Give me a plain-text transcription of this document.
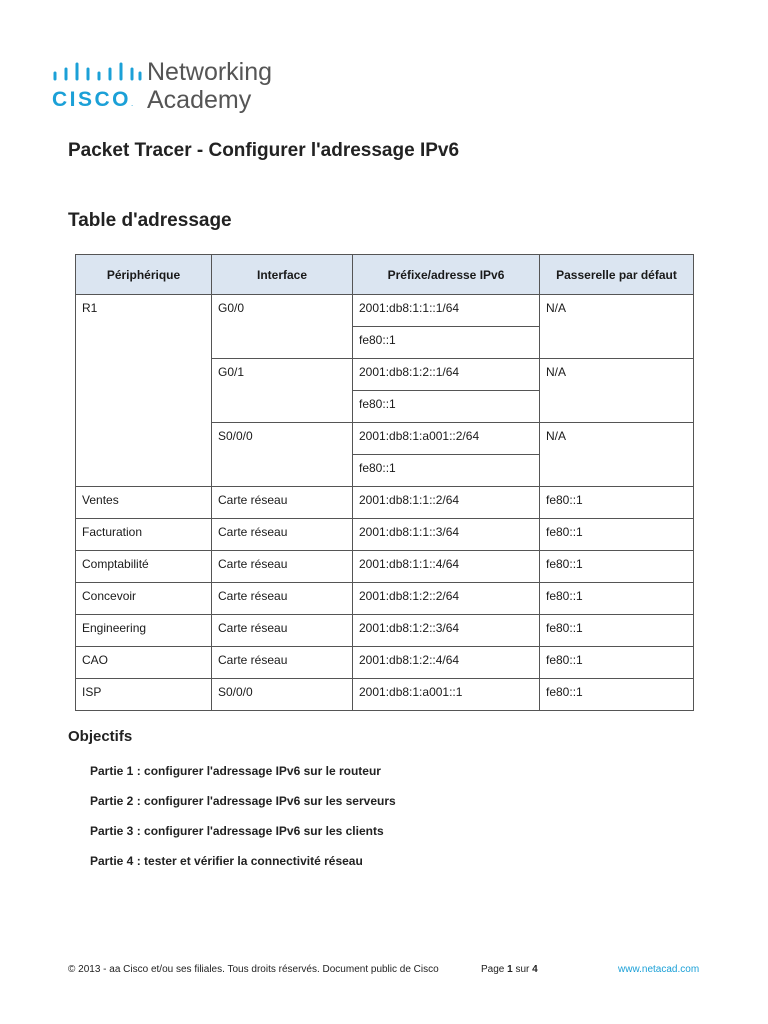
CISCO.
Networking
Academy
Packet Tracer - Configurer l'adressage IPv6
Table d'adressage
Périphérique	Interface	Préfixe/adresse IPv6	Passerelle par défaut
R1	G0/0	2001:db8:1:1::1/64	N/A
		fe80::1	
	G0/1	2001:db8:1:2::1/64	N/A
		fe80::1	
	S0/0/0	2001:db8:1:a001::2/64	N/A
		fe80::1	
Ventes	Carte réseau	2001:db8:1:1::2/64	fe80::1
Facturation	Carte réseau	2001:db8:1:1::3/64	fe80::1
Comptabilité	Carte réseau	2001:db8:1:1::4/64	fe80::1
Concevoir	Carte réseau	2001:db8:1:2::2/64	fe80::1
Engineering	Carte réseau	2001:db8:1:2::3/64	fe80::1
CAO	Carte réseau	2001:db8:1:2::4/64	fe80::1
ISP	S0/0/0	2001:db8:1:a001::1	fe80::1
Objectifs
Partie 1 : configurer l'adressage IPv6 sur le routeur
Partie 2 : configurer l'adressage IPv6 sur les serveurs
Partie 3 : configurer l'adressage IPv6 sur les clients
Partie 4 : tester et vérifier la connectivité réseau
© 2013 - aa Cisco et/ou ses filiales. Tous droits réservés. Document public de Cisco	Page 1 sur 4	www.netacad.com
